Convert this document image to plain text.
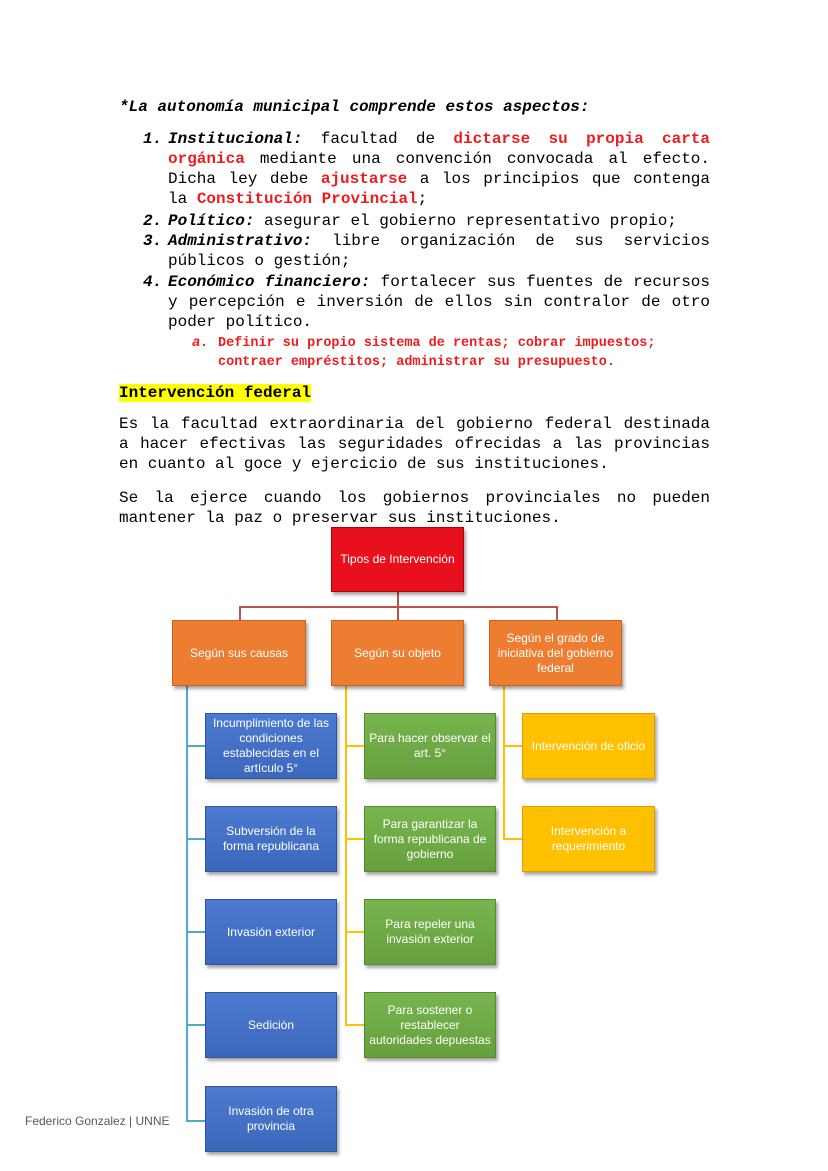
*La autonomía municipal comprende estos aspectos:
1. Institucional: facultad de dictarse su propia carta orgánica mediante una convención convocada al efecto. Dicha ley debe ajustarse a los principios que contenga la Constitución Provincial;
2. Político: asegurar el gobierno representativo propio;
3. Administrativo: libre organización de sus servicios públicos o gestión;
4. Económico financiero: fortalecer sus fuentes de recursos y percepción e inversión de ellos sin contralor de otro poder político.
a. Definir su propio sistema de rentas; cobrar impuestos; contraer empréstitos; administrar su presupuesto.
Intervención federal
Es la facultad extraordinaria del gobierno federal destinada a hacer efectivas las seguridades ofrecidas a las provincias en cuanto al goce y ejercicio de sus instituciones.
Se la ejerce cuando los gobiernos provinciales no pueden mantener la paz o preservar sus instituciones.
Tipos de Intervención
Según sus causas	Según su objeto
Según el grado de iniciativa del gobierno federal
Incumplimiento de las condiciones establecidas en el artículo 5°
Subversión de la forma republicana
Invasión exterior
Sedición
Invasión de otra provincia
Para hacer observar el art. 5°
Para garantizar la forma republicana de gobierno
Para repeler una invasión exterior
Para sostener o restablecer autoridades depuestas
Intervención de oficio
Intervención a requerimiento
Federico Gonzalez | UNNE
